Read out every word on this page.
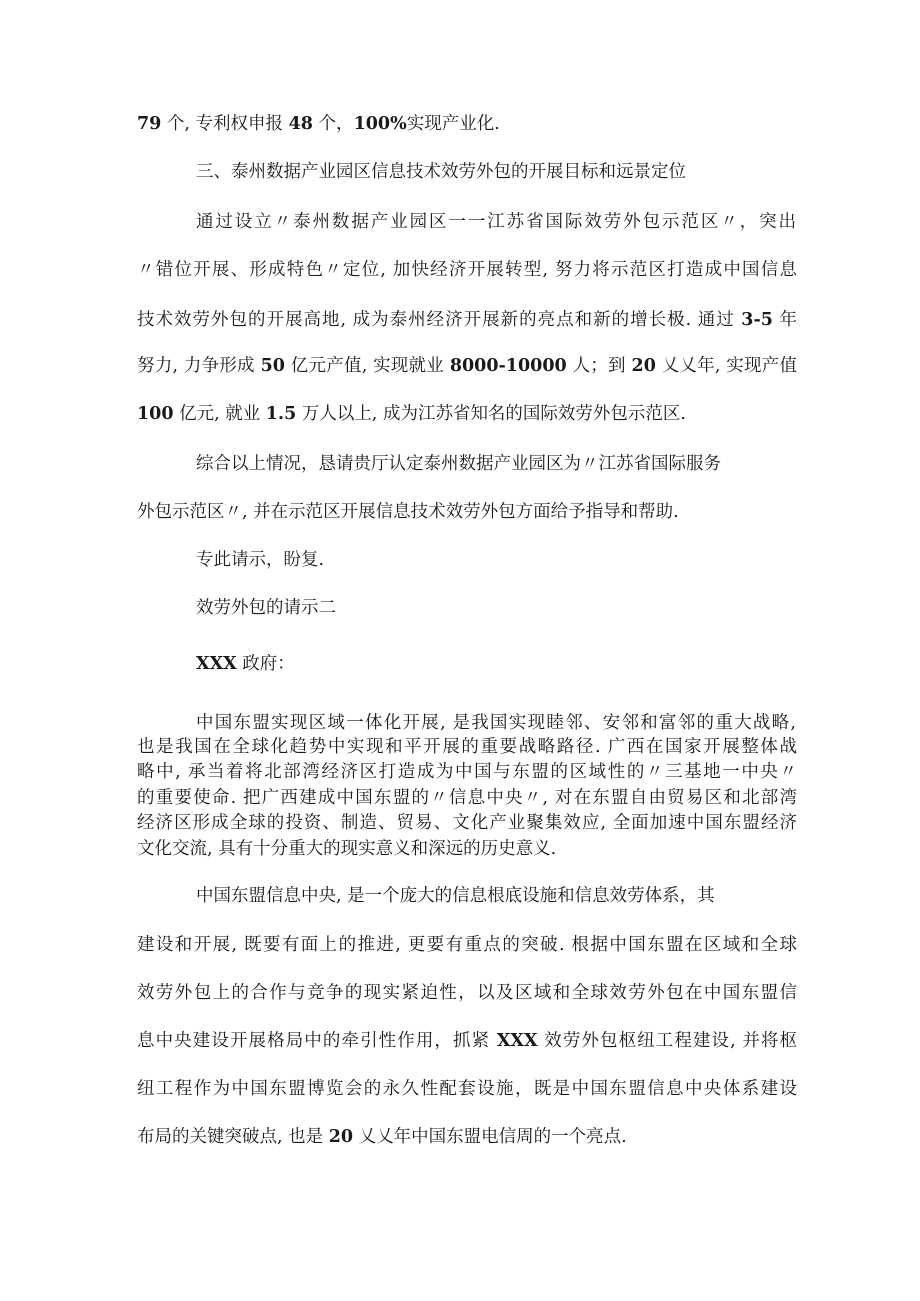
79 个, 专利权申报 48 个，100%实现产业化.
三、泰州数据产业园区信息技术效劳外包的开展目标和远景定位
通过设立〃泰州数据产业园区一一江苏省国际效劳外包示范区〃，突出
〃错位开展、形成特色〃定位, 加快经济开展转型, 努力将示范区打造成中国信息
技术效劳外包的开展高地, 成为泰州经济开展新的亮点和新的增长极. 通过 3-5 年
努力, 力争形成 50 亿元产值, 实现就业 8000-10000 人；到 20 乂乂年, 实现产值
100 亿元, 就业 1.5 万人以上, 成为江苏省知名的国际效劳外包示范区.
综合以上情况，恳请贵厅认定泰州数据产业园区为〃江苏省国际服务
外包示范区〃, 并在示范区开展信息技术效劳外包方面给予指导和帮助.
专此请示，盼复.
效劳外包的请示二
XXX 政府：
中国东盟实现区域一体化开展, 是我国实现睦邻、安邻和富邻的重大战略,
也是我国在全球化趋势中实现和平开展的重要战略路径. 广西在国家开展整体战
略中, 承当着将北部湾经济区打造成为中国与东盟的区域性的〃三基地一中央〃
的重要使命. 把广西建成中国东盟的〃信息中央〃, 对在东盟自由贸易区和北部湾
经济区形成全球的投资、制造、贸易、文化产业聚集效应, 全面加速中国东盟经济
文化交流, 具有十分重大的现实意义和深远的历史意义.
中国东盟信息中央, 是一个庞大的信息根底设施和信息效劳体系，其
建设和开展, 既要有面上的推进, 更要有重点的突破. 根据中国东盟在区域和全球
效劳外包上的合作与竞争的现实紧迫性，以及区域和全球效劳外包在中国东盟信
息中央建设开展格局中的牵引性作用，抓紧 XXX 效劳外包枢纽工程建设, 并将枢
纽工程作为中国东盟博览会的永久性配套设施，既是中国东盟信息中央体系建设
布局的关键突破点, 也是 20 乂乂年中国东盟电信周的一个亮点.
